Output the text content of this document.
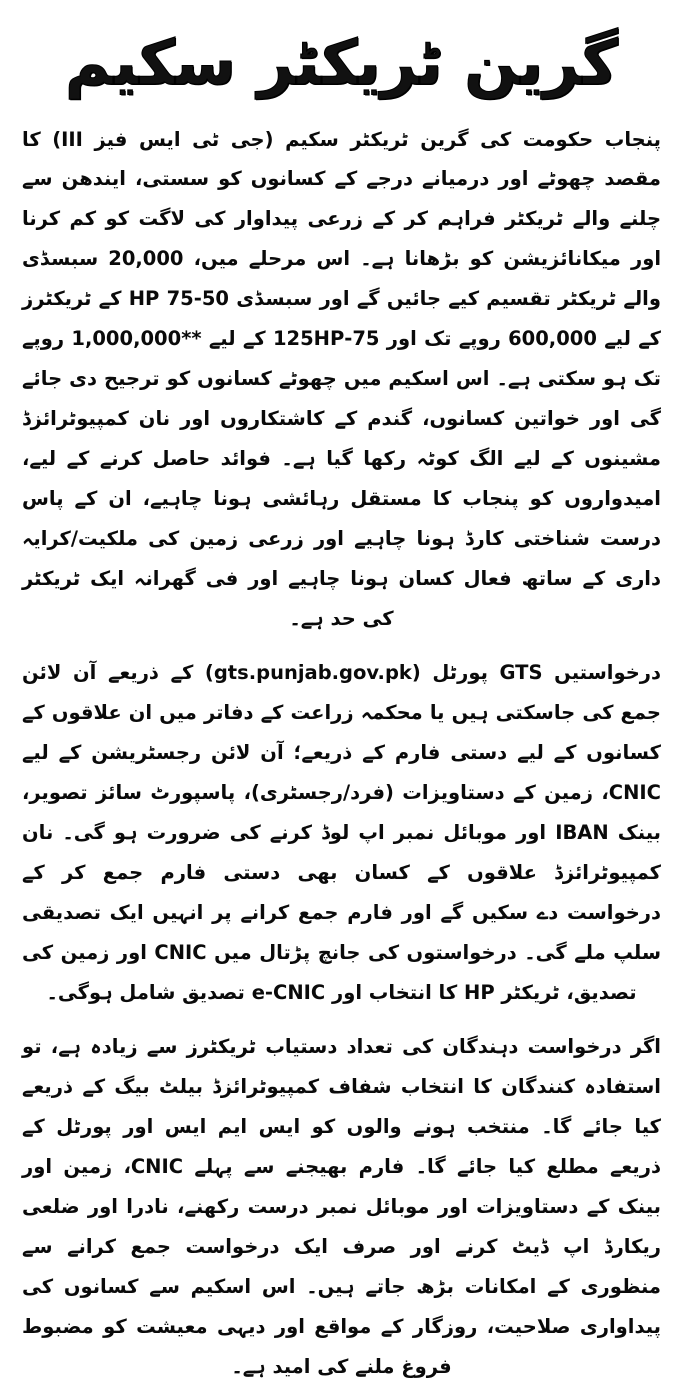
گرین ٹریکٹر سکیم

پنجاب حکومت کی گرین ٹریکٹر سکیم (جی ٹی ایس فیز III) کا مقصد چھوٹے اور درمیانے درجے کے کسانوں کو سستی، ایندھن سے چلنے والے ٹریکٹر فراہم کر کے زرعی پیداوار کی لاگت کو کم کرنا اور میکانائزیشن کو بڑھانا ہے۔ اس مرحلے میں، 20,000 سبسڈی والے ٹریکٹر تقسیم کیے جائیں گے اور سبسڈی 50-75 HP کے ٹریکٹرز کے لیے 600,000 روپے تک اور 75-125HP کے لیے **1,000,000 روپے تک ہو سکتی ہے۔ اس اسکیم میں چھوٹے کسانوں کو ترجیح دی جائے گی اور خواتین کسانوں، گندم کے کاشتکاروں اور نان کمپیوٹرائزڈ مشینوں کے لیے الگ کوٹہ رکھا گیا ہے۔ فوائد حاصل کرنے کے لیے، امیدواروں کو پنجاب کا مستقل رہائشی ہونا چاہیے، ان کے پاس درست شناختی کارڈ ہونا چاہیے اور زرعی زمین کی ملکیت/کرایہ داری کے ساتھ فعال کسان ہونا چاہیے اور فی گھرانہ ایک ٹریکٹر کی حد ہے۔

درخواستیں GTS پورٹل (gts.punjab.gov.pk) کے ذریعے آن لائن جمع کی جاسکتی ہیں یا محکمہ زراعت کے دفاتر میں ان علاقوں کے کسانوں کے لیے دستی فارم کے ذریعے؛ آن لائن رجسٹریشن کے لیے CNIC، زمین کے دستاویزات (فرد/رجسٹری)، پاسپورٹ سائز تصویر، بینک IBAN اور موبائل نمبر اپ لوڈ کرنے کی ضرورت ہو گی۔ نان کمپیوٹرائزڈ علاقوں کے کسان بھی دستی فارم جمع کر کے درخواست دے سکیں گے اور فارم جمع کرانے پر انہیں ایک تصدیقی سلپ ملے گی۔ درخواستوں کی جانچ پڑتال میں CNIC اور زمین کی تصدیق، ٹریکٹر HP کا انتخاب اور e-CNIC تصدیق شامل ہوگی۔

اگر درخواست دہندگان کی تعداد دستیاب ٹریکٹرز سے زیادہ ہے، تو استفادہ کنندگان کا انتخاب شفاف کمپیوٹرائزڈ بیلٹ بیگ کے ذریعے کیا جائے گا۔ منتخب ہونے والوں کو ایس ایم ایس اور پورٹل کے ذریعے مطلع کیا جائے گا۔ فارم بھیجنے سے پہلے CNIC، زمین اور بینک کے دستاویزات اور موبائل نمبر درست رکھنے، نادرا اور ضلعی ریکارڈ اپ ڈیٹ کرنے اور صرف ایک درخواست جمع کرانے سے منظوری کے امکانات بڑھ جاتے ہیں۔ اس اسکیم سے کسانوں کی پیداواری صلاحیت، روزگار کے مواقع اور دیہی معیشت کو مضبوط فروغ ملنے کی امید ہے۔
